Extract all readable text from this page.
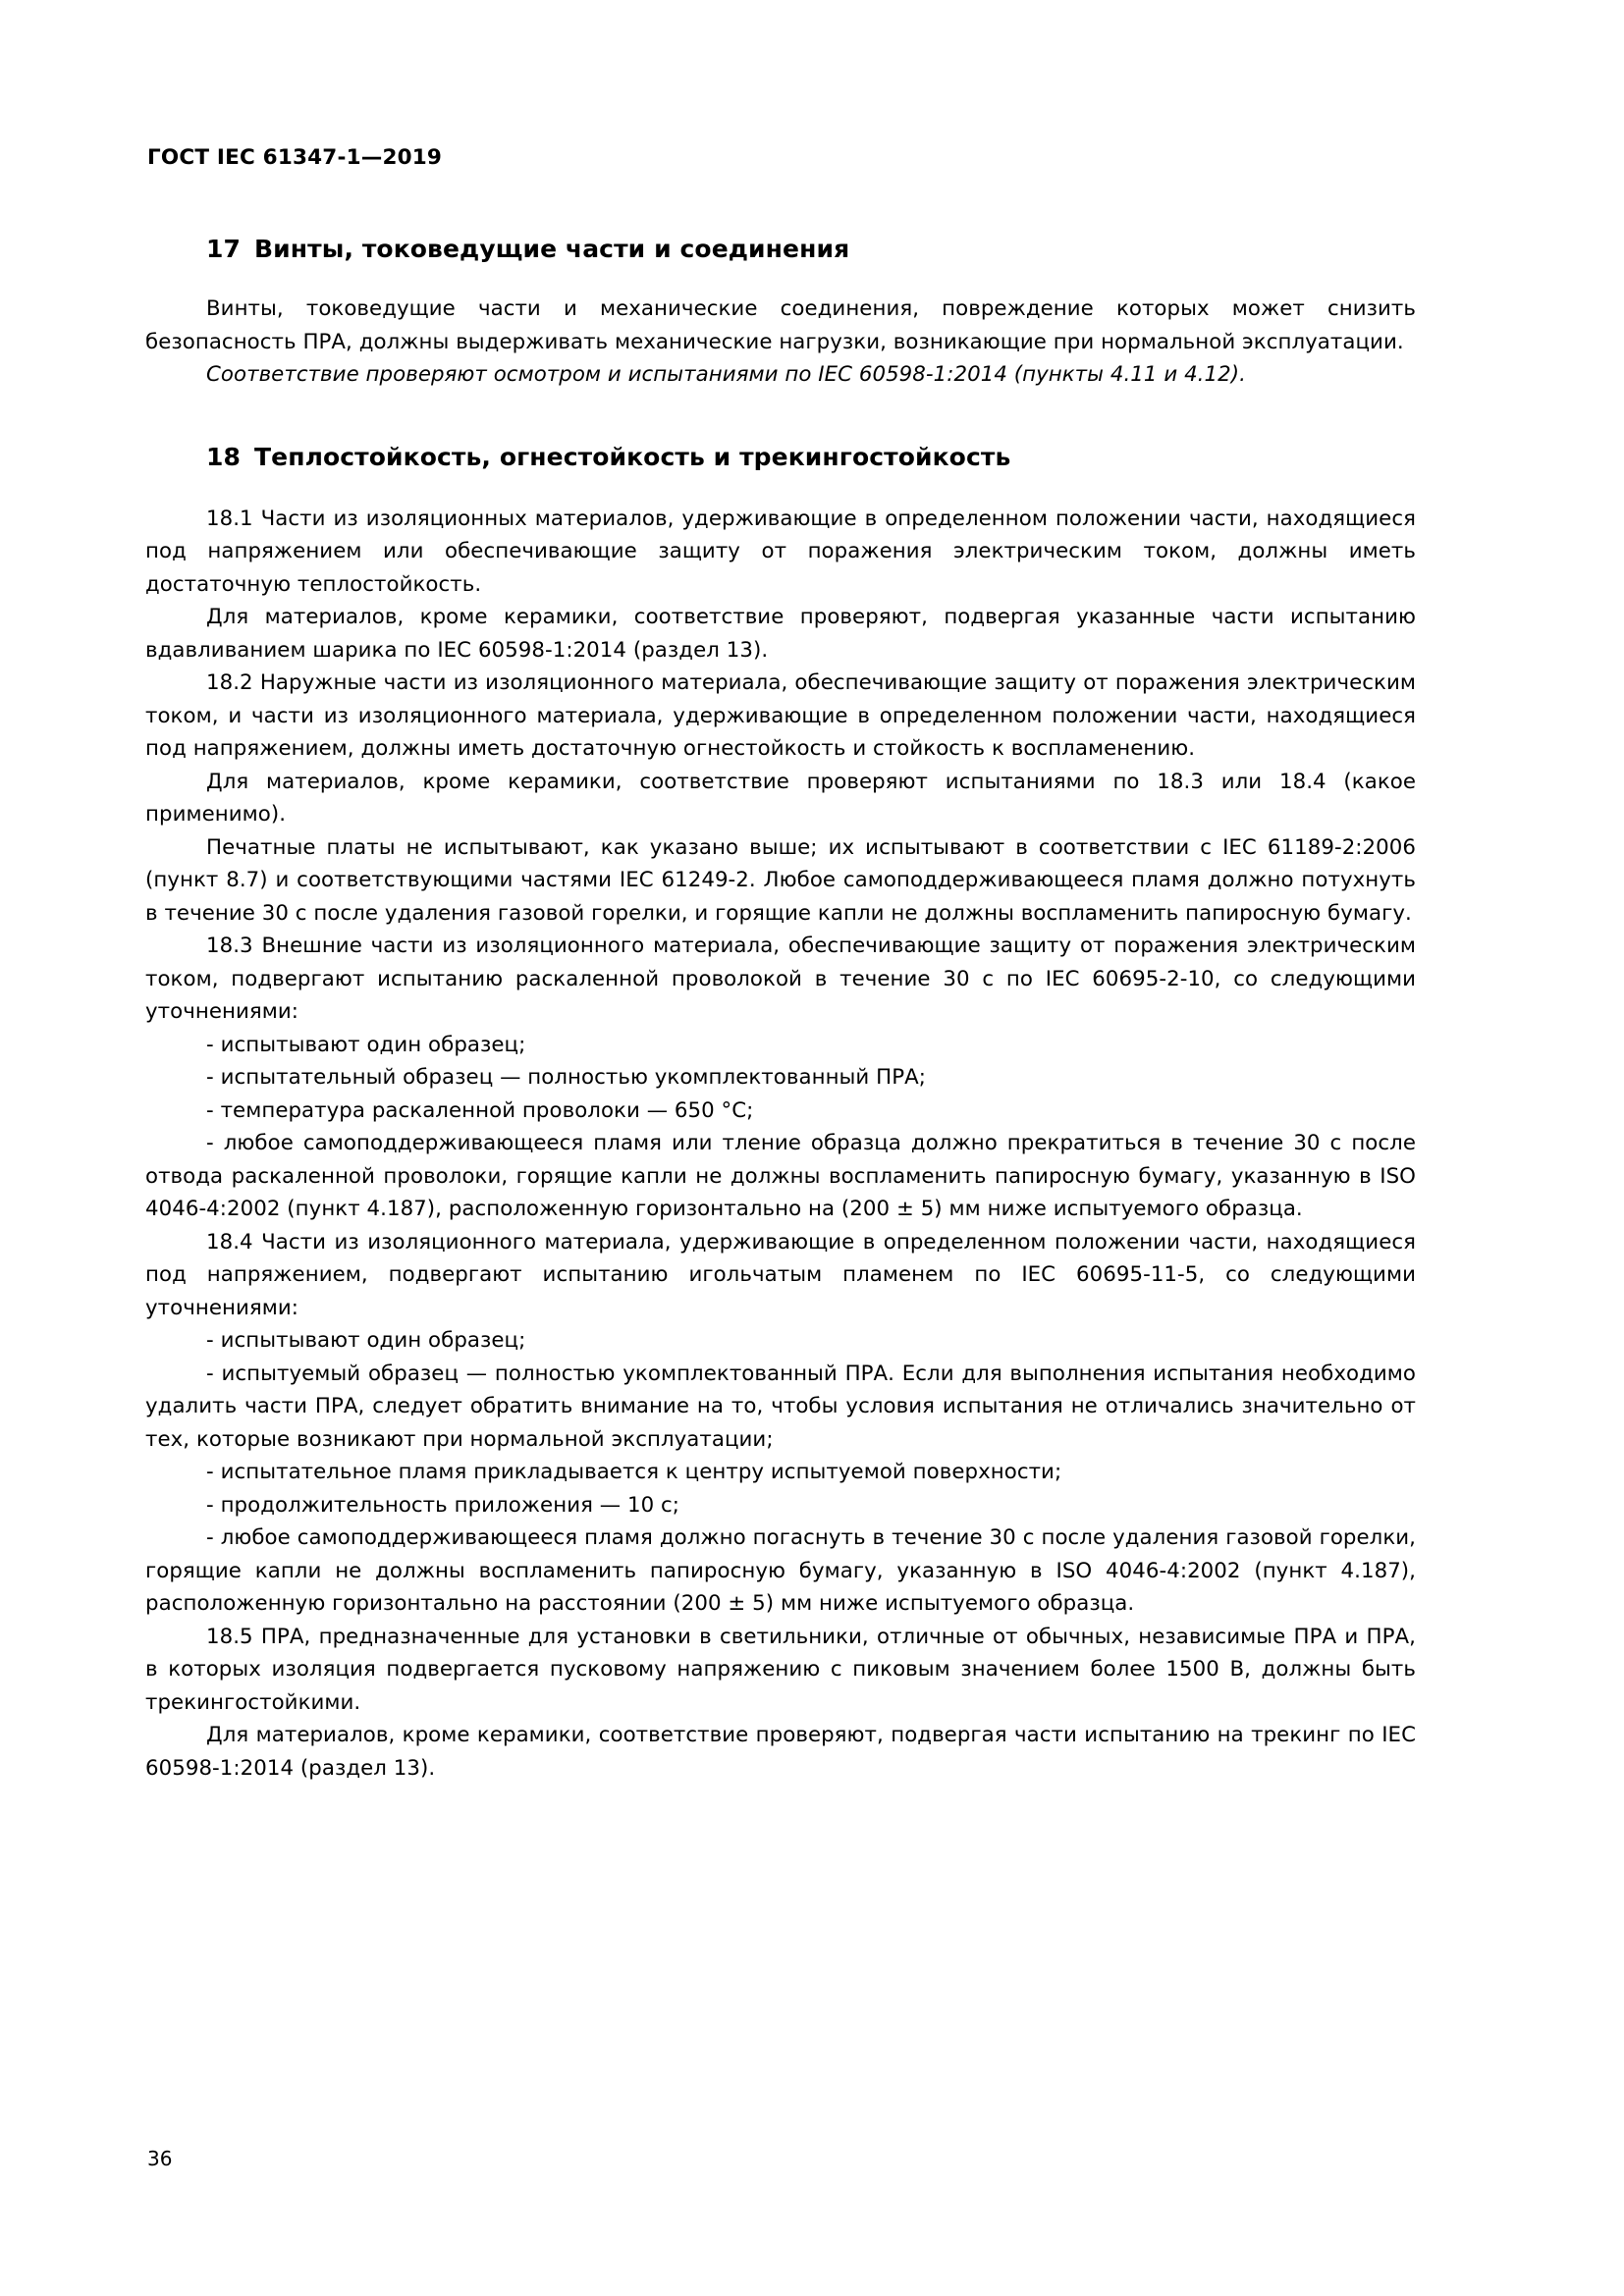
ГОСТ IEC 61347-1—2019
17 Винты, токоведущие части и соединения

Винты, токоведущие части и механические соединения, повреждение которых может снизить безопасность ПРА, должны выдерживать механические нагрузки, возникающие при нормальной эксплуатации.

Соответствие проверяют осмотром и испытаниями по IEC 60598-1:2014 (пункты 4.11 и 4.12).

18 Теплостойкость, огнестойкость и трекингостойкость

18.1 Части из изоляционных материалов, удерживающие в определенном положении части, находящиеся под напряжением или обеспечивающие защиту от поражения электрическим током, должны иметь достаточную теплостойкость.

Для материалов, кроме керамики, соответствие проверяют, подвергая указанные части испытанию вдавливанием шарика по IEC 60598-1:2014 (раздел 13).

18.2 Наружные части из изоляционного материала, обеспечивающие защиту от поражения электрическим током, и части из изоляционного материала, удерживающие в определенном положении части, находящиеся под напряжением, должны иметь достаточную огнестойкость и стойкость к воспламенению.

Для материалов, кроме керамики, соответствие проверяют испытаниями по 18.3 или 18.4 (какое применимо).

Печатные платы не испытывают, как указано выше; их испытывают в соответствии с IEC 61189-2:2006 (пункт 8.7) и соответствующими частями IEC 61249-2. Любое самоподдерживающееся пламя должно потухнуть в течение 30 с после удаления газовой горелки, и горящие капли не должны воспламенить папиросную бумагу.

18.3 Внешние части из изоляционного материала, обеспечивающие защиту от поражения электрическим током, подвергают испытанию раскаленной проволокой в течение 30 с по IEC 60695-2-10, со следующими уточнениями:

- испытывают один образец;

- испытательный образец — полностью укомплектованный ПРА;

- температура раскаленной проволоки — 650 °С;

- любое самоподдерживающееся пламя или тление образца должно прекратиться в течение 30 с после отвода раскаленной проволоки, горящие капли не должны воспламенить папиросную бумагу, указанную в ISO 4046-4:2002 (пункт 4.187), расположенную горизонтально на (200 ± 5) мм ниже испытуемого образца.

18.4 Части из изоляционного материала, удерживающие в определенном положении части, находящиеся под напряжением, подвергают испытанию игольчатым пламенем по IEC 60695-11-5, со следующими уточнениями:

- испытывают один образец;

- испытуемый образец — полностью укомплектованный ПРА. Если для выполнения испытания необходимо удалить части ПРА, следует обратить внимание на то, чтобы условия испытания не отличались значительно от тех, которые возникают при нормальной эксплуатации;

- испытательное пламя прикладывается к центру испытуемой поверхности;

- продолжительность приложения — 10 с;

- любое самоподдерживающееся пламя должно погаснуть в течение 30 с после удаления газовой горелки, горящие капли не должны воспламенить папиросную бумагу, указанную в ISO 4046-4:2002 (пункт 4.187), расположенную горизонтально на расстоянии (200 ± 5) мм ниже испытуемого образца.

18.5 ПРА, предназначенные для установки в светильники, отличные от обычных, независимые ПРА и ПРА, в которых изоляция подвергается пусковому напряжению с пиковым значением более 1500 В, должны быть трекингостойкими.

Для материалов, кроме керамики, соответствие проверяют, подвергая части испытанию на трекинг по IEC 60598-1:2014 (раздел 13).

36
